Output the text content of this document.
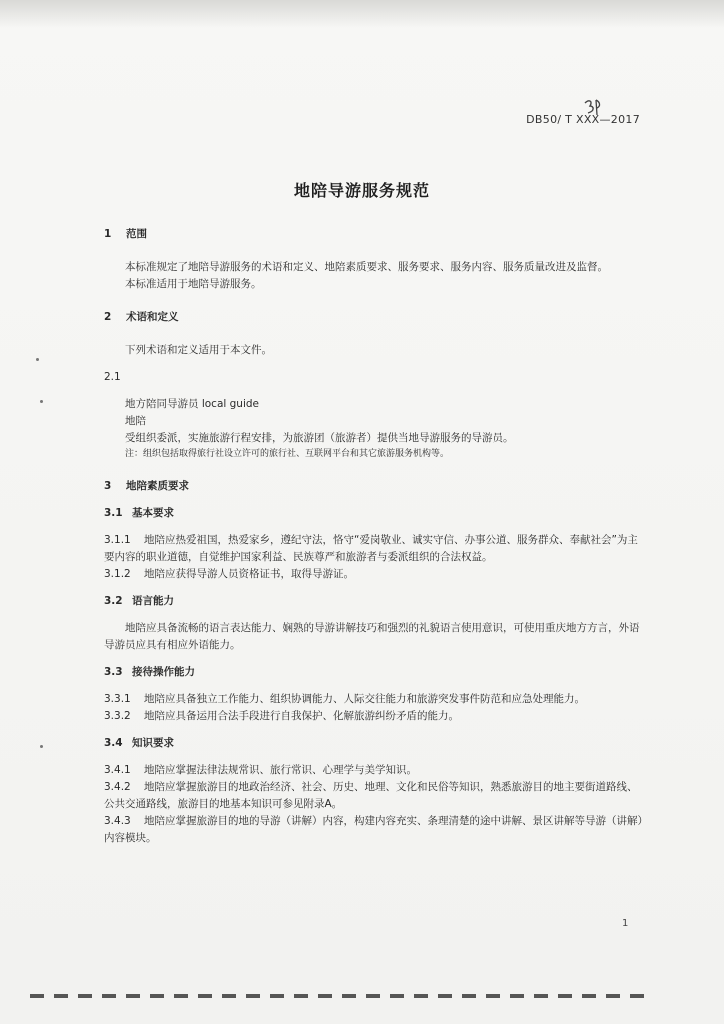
DB50/ T XXX—2017
地陪导游服务规范
1 范围
本标准规定了地陪导游服务的术语和定义、地陪素质要求、服务要求、服务内容、服务质量改进及监督。
本标准适用于地陪导游服务。
2 术语和定义
下列术语和定义适用于本文件。
2.1
地方陪同导游员 local guide
地陪
受组织委派，实施旅游行程安排，为旅游团（旅游者）提供当地导游服务的导游员。
注：组织包括取得旅行社设立许可的旅行社、互联网平台和其它旅游服务机构等。
3 地陪素质要求
3.1 基本要求
3.1.1 地陪应热爱祖国，热爱家乡，遵纪守法，恪守“爱岗敬业、诚实守信、办事公道、服务群众、奉献社会”为主要内容的职业道德，自觉维护国家利益、民族尊严和旅游者与委派组织的合法权益。
3.1.2 地陪应获得导游人员资格证书，取得导游证。
3.2 语言能力
地陪应具备流畅的语言表达能力、娴熟的导游讲解技巧和强烈的礼貌语言使用意识，可使用重庆地方方言，外语导游员应具有相应外语能力。
3.3 接待操作能力
3.3.1 地陪应具备独立工作能力、组织协调能力、人际交往能力和旅游突发事件防范和应急处理能力。
3.3.2 地陪应具备运用合法手段进行自我保护、化解旅游纠纷矛盾的能力。
3.4 知识要求
3.4.1 地陪应掌握法律法规常识、旅行常识、心理学与美学知识。
3.4.2 地陪应掌握旅游目的地政治经济、社会、历史、地理、文化和民俗等知识，熟悉旅游目的地主要街道路线、公共交通路线，旅游目的地基本知识可参见附录A。
3.4.3 地陪应掌握旅游目的地的导游（讲解）内容，构建内容充实、条理清楚的途中讲解、景区讲解等导游（讲解）内容模块。
1
